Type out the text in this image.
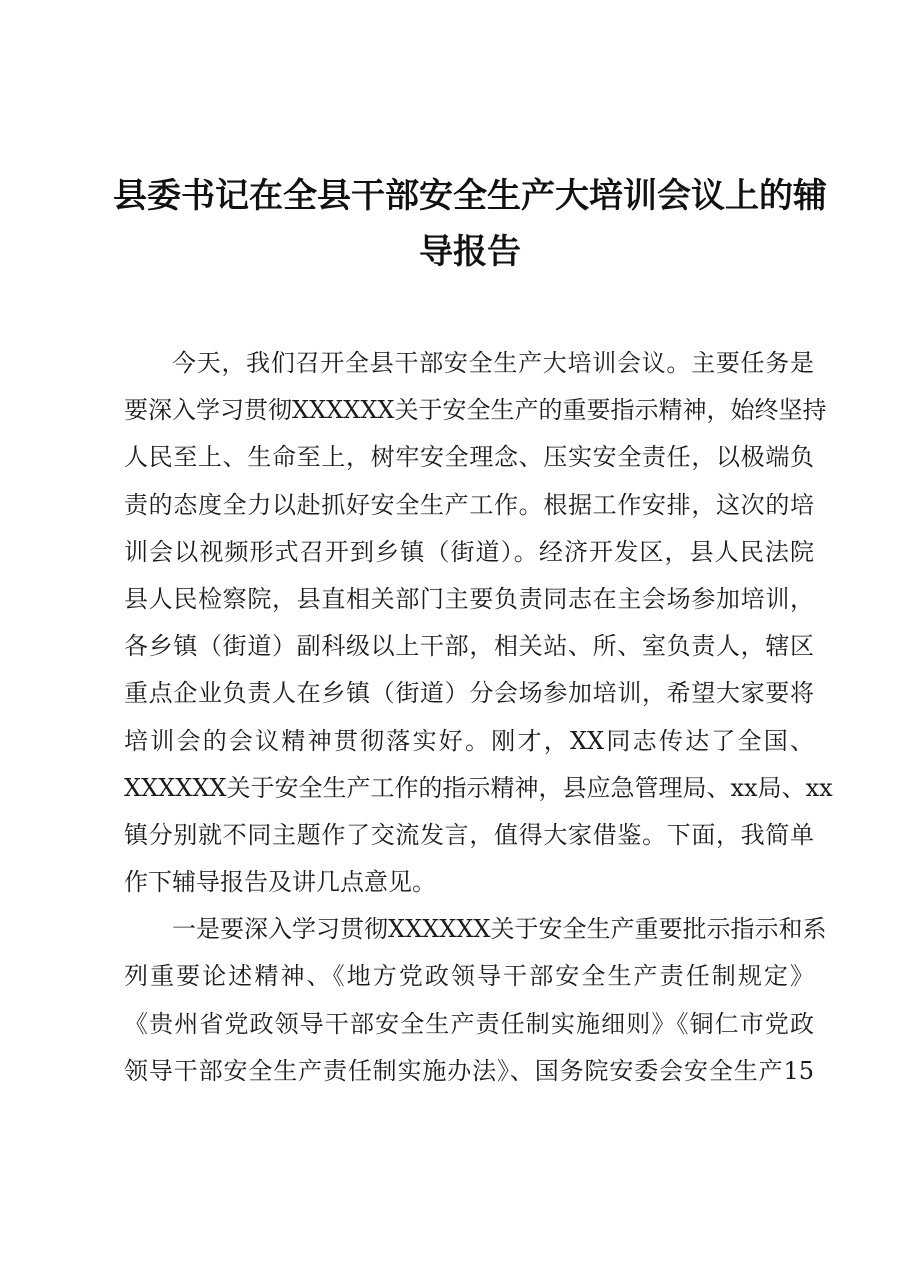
县委书记在全县干部安全生产大培训会议上的辅
导报告
今天，我们召开全县干部安全生产大培训会议。主要任务是
要深入学习贯彻XXXXXX关于安全生产的重要指示精神，始终坚持
人民至上、生命至上，树牢安全理念、压实安全责任，以极端负
责的态度全力以赴抓好安全生产工作。根据工作安排，这次的培
训会以视频形式召开到乡镇（街道）。经济开发区，县人民法院
县人民检察院，县直相关部门主要负责同志在主会场参加培训，
各乡镇（街道）副科级以上干部，相关站、所、室负责人，辖区
重点企业负责人在乡镇（街道）分会场参加培训，希望大家要将
培训会的会议精神贯彻落实好。刚才，XX同志传达了全国、
XXXXXX关于安全生产工作的指示精神，县应急管理局、xx局、xx
镇分别就不同主题作了交流发言，值得大家借鉴。下面，我简单
作下辅导报告及讲几点意见。
一是要深入学习贯彻XXXXXX关于安全生产重要批示指示和系
列重要论述精神、《地方党政领导干部安全生产责任制规定》
《贵州省党政领导干部安全生产责任制实施细则》《铜仁市党政
领导干部安全生产责任制实施办法》、国务院安委会安全生产15
